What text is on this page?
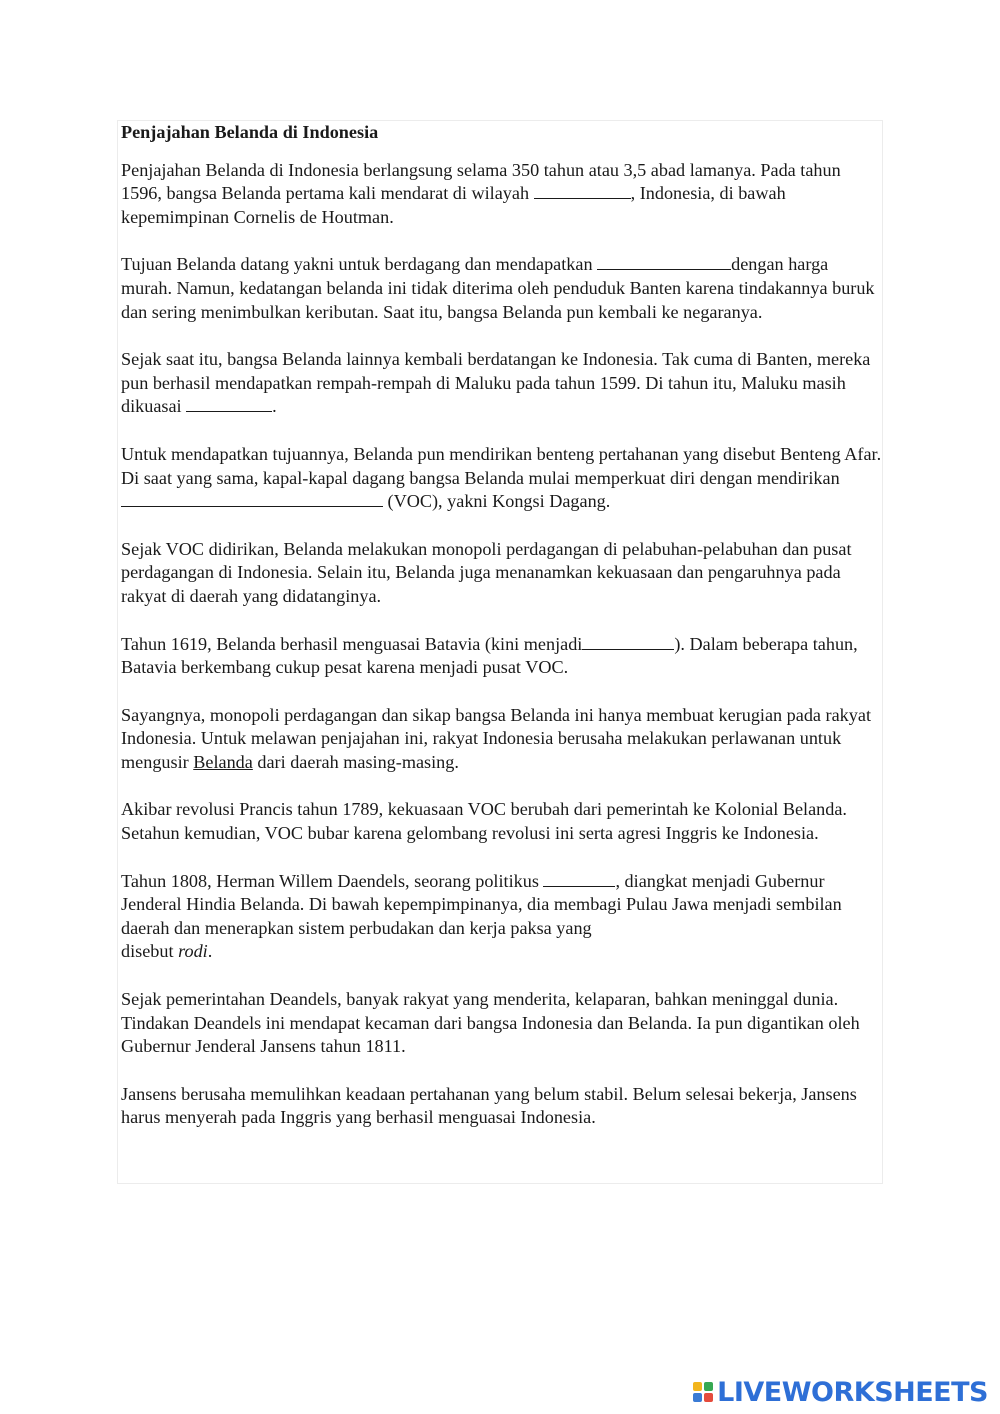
Penjajahan Belanda di Indonesia
Penjajahan Belanda di Indonesia berlangsung selama 350 tahun atau 3,5 abad lamanya. Pada tahun 1596, bangsa Belanda pertama kali mendarat di wilayah	, Indonesia, di bawah kepemimpinan Cornelis de Houtman.
Tujuan Belanda datang yakni untuk berdagang dan mendapatkan	dengan harga murah. Namun, kedatangan belanda ini tidak diterima oleh penduduk Banten karena tindakannya buruk dan sering menimbulkan keributan. Saat itu, bangsa Belanda pun kembali ke negaranya.
Sejak saat itu, bangsa Belanda lainnya kembali berdatangan ke Indonesia. Tak cuma di Banten, mereka pun berhasil mendapatkan rempah-rempah di Maluku pada tahun 1599. Di tahun itu, Maluku masih dikuasai	.
Untuk mendapatkan tujuannya, Belanda pun mendirikan benteng pertahanan yang disebut Benteng Afar. Di saat yang sama, kapal-kapal dagang bangsa Belanda mulai memperkuat diri dengan mendirikan  (VOC), yakni Kongsi Dagang.
Sejak VOC didirikan, Belanda melakukan monopoli perdagangan di pelabuhan-pelabuhan dan pusat perdagangan di Indonesia. Selain itu, Belanda juga menanamkan kekuasaan dan pengaruhnya pada rakyat di daerah yang didatanginya.
Tahun 1619, Belanda berhasil menguasai Batavia (kini menjadi	). Dalam beberapa tahun, Batavia berkembang cukup pesat karena menjadi pusat VOC.
Sayangnya, monopoli perdagangan dan sikap bangsa Belanda ini hanya membuat kerugian pada rakyat Indonesia. Untuk melawan penjajahan ini, rakyat Indonesia berusaha melakukan perlawanan untuk mengusir Belanda dari daerah masing-masing.
Akibar revolusi Prancis tahun 1789, kekuasaan VOC berubah dari pemerintah ke Kolonial Belanda. Setahun kemudian, VOC bubar karena gelombang revolusi ini serta agresi Inggris ke Indonesia.
Tahun 1808, Herman Willem Daendels, seorang politikus	, diangkat menjadi Gubernur Jenderal Hindia Belanda. Di bawah kepempimpinanya, dia membagi Pulau Jawa menjadi sembilan daerah dan menerapkan sistem perbudakan dan kerja paksa yang
disebut rodi.
Sejak pemerintahan Deandels, banyak rakyat yang menderita, kelaparan, bahkan meninggal dunia. Tindakan Deandels ini mendapat kecaman dari bangsa Indonesia dan Belanda. Ia pun digantikan oleh Gubernur Jenderal Jansens tahun 1811.
Jansens berusaha memulihkan keadaan pertahanan yang belum stabil. Belum selesai bekerja, Jansens harus menyerah pada Inggris yang berhasil menguasai Indonesia.
LIVEWORKSHEETS
